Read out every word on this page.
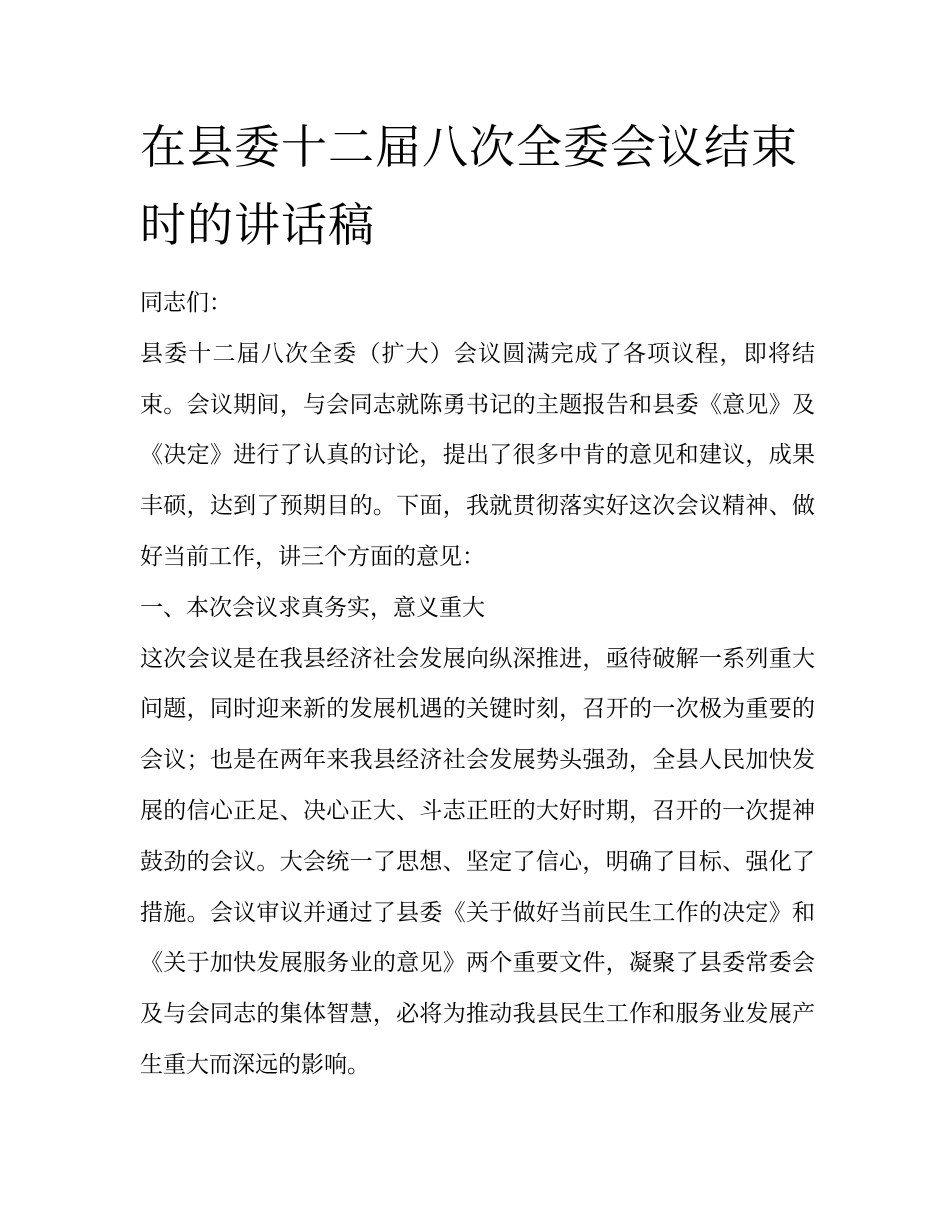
在县委十二届八次全委会议结束时的讲话稿

同志们：

县委十二届八次全委（扩大）会议圆满完成了各项议程，即将结束。会议期间，与会同志就陈勇书记的主题报告和县委《意见》及《决定》进行了认真的讨论，提出了很多中肯的意见和建议，成果丰硕，达到了预期目的。下面，我就贯彻落实好这次会议精神、做好当前工作，讲三个方面的意见：

一、本次会议求真务实，意义重大

这次会议是在我县经济社会发展向纵深推进，亟待破解一系列重大问题，同时迎来新的发展机遇的关键时刻，召开的一次极为重要的会议；也是在两年来我县经济社会发展势头强劲，全县人民加快发展的信心正足、决心正大、斗志正旺的大好时期，召开的一次提神鼓劲的会议。大会统一了思想、坚定了信心，明确了目标、强化了措施。会议审议并通过了县委《关于做好当前民生工作的决定》和《关于加快发展服务业的意见》两个重要文件，凝聚了县委常委会及与会同志的集体智慧，必将为推动我县民生工作和服务业发展产生重大而深远的影响。
